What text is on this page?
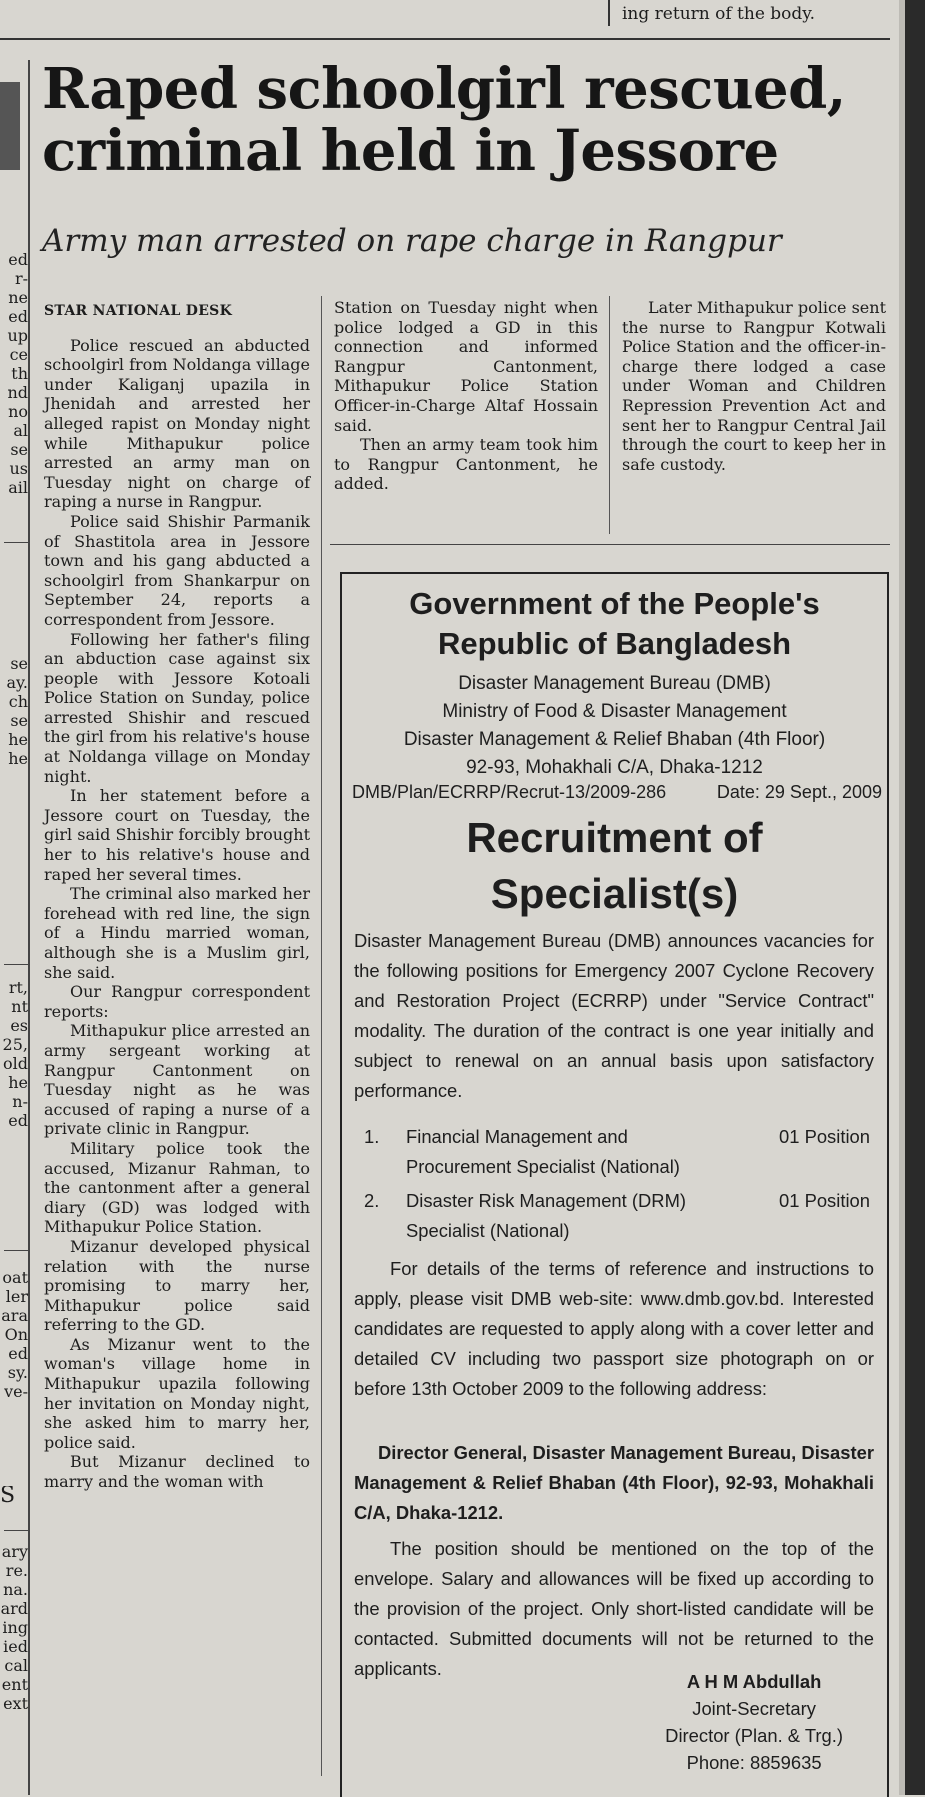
ing return of the body.
ed
r-
ne
ed
up
ce
th
nd
no
al
se
us
ail
se
ay.
ch
se
he
he
rt,
nt
es
25,
old
he
n-
ed
oat
ler
ara
On
ed
sy.
ve-
S
ary
re.
na.
ard
ing
ied
cal
ent
ext
Raped schoolgirl rescued,
criminal held in Jessore
Army man arrested on rape charge in Rangpur

STAR NATIONAL DESK

Police rescued an abducted schoolgirl from Noldanga village under Kaliganj upazila in Jhenidah and arrested her alleged rapist on Monday night while Mithapukur police arrested an army man on Tuesday night on charge of raping a nurse in Rangpur.

Police said Shishir Parmanik of Shastitola area in Jessore town and his gang abducted a schoolgirl from Shankarpur on September 24, reports a correspondent from Jessore.

Following her father's filing an abduction case against six people with Jessore Kotoali Police Station on Sunday, police arrested Shishir and rescued the girl from his relative's house at Noldanga village on Monday night.

In her statement before a Jessore court on Tuesday, the girl said Shishir forcibly brought her to his relative's house and raped her several times.

The criminal also marked her forehead with red line, the sign of a Hindu married woman, although she is a Muslim girl, she said.

Our Rangpur correspondent reports:

Mithapukur plice arrested an army sergeant working at Rangpur Cantonment on Tuesday night as he was accused of raping a nurse of a private clinic in Rangpur.

Military police took the accused, Mizanur Rahman, to the cantonment after a general diary (GD) was lodged with Mithapukur Police Station.

Mizanur developed physical relation with the nurse promising to marry her, Mithapukur police said referring to the GD.

As Mizanur went to the woman's village home in Mithapukur upazila following her invitation on Monday night, she asked him to marry her, police said.

But Mizanur declined to marry and the woman with

Station on Tuesday night when police lodged a GD in this connection and informed Rangpur Cantonment, Mithapukur Police Station Officer-in-Charge Altaf Hossain said.

Then an army team took him to Rangpur Cantonment, he added.

Later Mithapukur police sent the nurse to Rangpur Kotwali Police Station and the officer-in-charge there lodged a case under Woman and Children Repression Prevention Act and sent her to Rangpur Central Jail through the court to keep her in safe custody.

Government of the People's
Republic of Bangladesh
Disaster Management Bureau (DMB)
Ministry of Food & Disaster Management
Disaster Management & Relief Bhaban (4th Floor)
92-93, Mohakhali C/A, Dhaka-1212
DMB/Plan/ECRRP/Recrut-13/2009-286	Date: 29 Sept., 2009
Recruitment of
Specialist(s)
Disaster Management Bureau (DMB) announces vacancies for the following positions for Emergency 2007 Cyclone Recovery and Restoration Project (ECRRP) under "Service Contract" modality. The duration of the contract is one year initially and subject to renewal on an annual basis upon satisfactory performance.
1. Financial Management and Procurement Specialist (National)
01 Position
2. Disaster Risk Management (DRM) Specialist (National)
01 Position
For details of the terms of reference and instructions to apply, please visit DMB web-site: www.dmb.gov.bd. Interested candidates are requested to apply along with a cover letter and detailed CV including two passport size photograph on or before 13th October 2009 to the following address:
Director General, Disaster Management Bureau, Disaster Management & Relief Bhaban (4th Floor), 92-93, Mohakhali C/A, Dhaka-1212.
The position should be mentioned on the top of the envelope. Salary and allowances will be fixed up according to the provision of the project. Only short-listed candidate will be contacted. Submitted documents will not be returned to the applicants.
A H M Abdullah
Joint-Secretary
Director (Plan. & Trg.)
Phone: 8859635
